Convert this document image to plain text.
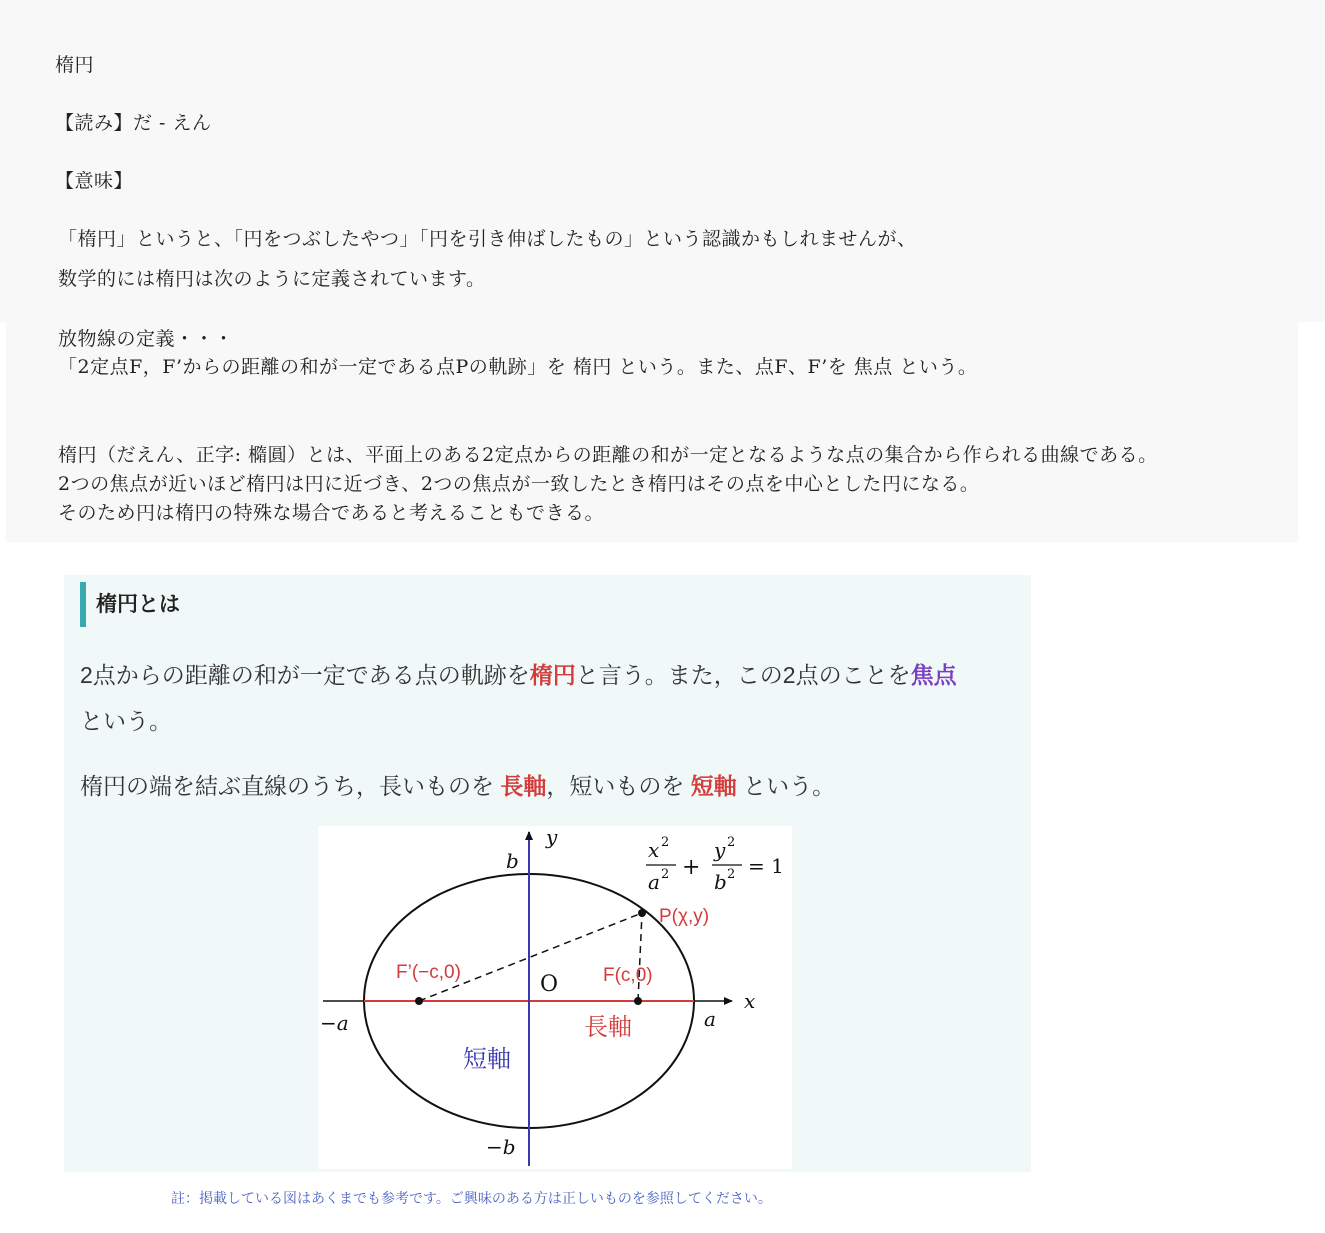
楕円
【読み】だ - えん
【意味】
「楕円」というと、「円をつぶしたやつ」「円を引き伸ばしたもの」という認識かもしれませんが、
数学的には楕円は次のように定義されています。
放物線の定義・・・
「2定点F，F’からの距離の和が一定である点Pの軌跡」を 楕円 という。また、点F、F’を 焦点 という。
楕円（だえん、正字: 橢圓）とは、平面上のある2定点からの距離の和が一定となるような点の集合から作られる曲線である。
2つの焦点が近いほど楕円は円に近づき、2つの焦点が一致したとき楕円はその点を中心とした円になる。
そのため円は楕円の特殊な場合であると考えることもできる。
楕円とは
2点からの距離の和が一定である点の軌跡を楕円と言う。また，この2点のことを焦点
という。
楕円の端を結ぶ直線のうち，長いものを 長軸，短いものを 短軸 という。
y
x
b
−b
a
−a
O
P(χ,y)
F(c,0)
F’(−c,0)
長軸
短軸
x 2
a 2 +
y 2
b 2 = 1
註：掲載している図はあくまでも参考です。ご興味のある方は正しいものを参照してください。
